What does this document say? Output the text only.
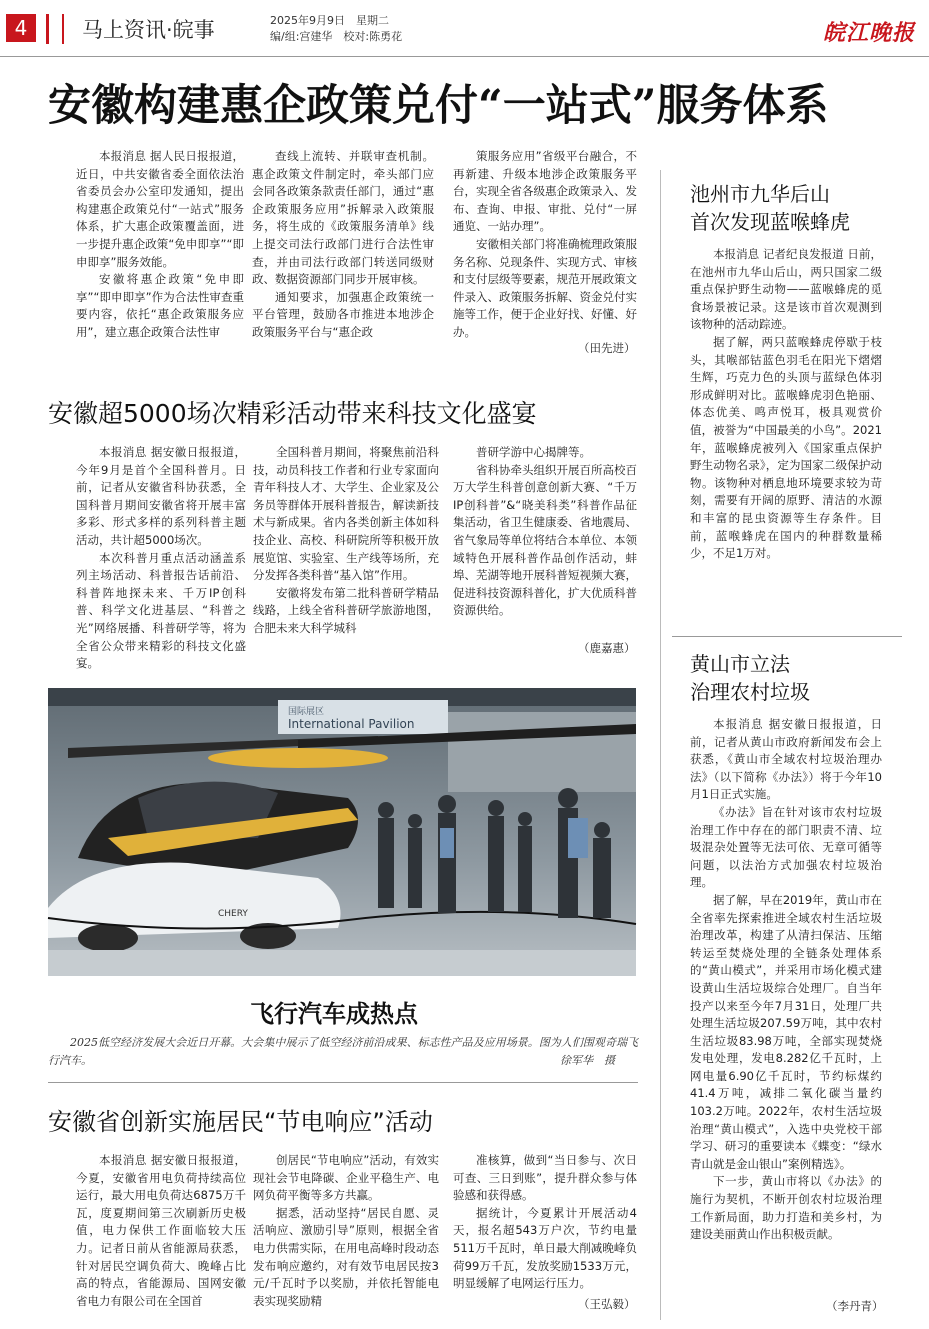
4	马上资讯·皖事	2025年9月9日　星期二
编/组:宫建华　校对:陈勇花	皖江晚报
安徽构建惠企政策兑付“一站式”服务体系

本报消息 据人民日报报道，近日，中共安徽省委全面依法治省委员会办公室印发通知，提出构建惠企政策兑付“一站式”服务体系，扩大惠企政策覆盖面，进一步提升惠企政策“免申即享”“即申即享”服务效能。

安徽将惠企政策“免申即享”“即申即享”作为合法性审查重要内容，依托“惠企政策服务应用”，建立惠企政策合法性审

查线上流转、并联审查机制。惠企政策文件制定时，牵头部门应会同各政策条款责任部门，通过“惠企政策服务应用”拆解录入政策服务，将生成的《政策服务清单》线上提交司法行政部门进行合法性审查，并由司法行政部门转送同级财政、数据资源部门同步开展审核。

通知要求，加强惠企政策统一平台管理，鼓励各市推进本地涉企政策服务平台与“惠企政

策服务应用”省级平台融合，不再新建、升级本地涉企政策服务平台，实现全省各级惠企政策录入、发布、查询、申报、审批、兑付“一屏通览、一站办理”。

安徽相关部门将准确梳理政策服务名称、兑现条件、实现方式、审核和支付层级等要素，规范开展政策文件录入、政策服务拆解、资金兑付实施等工作，便于企业好找、好懂、好办。

（田先进）
安徽超5000场次精彩活动带来科技文化盛宴

本报消息 据安徽日报报道，今年9月是首个全国科普月。日前，记者从安徽省科协获悉，全国科普月期间安徽省将开展丰富多彩、形式多样的系列科普主题活动，共计超5000场次。

本次科普月重点活动涵盖系列主场活动、科普报告话前沿、科普阵地探未来、千万IP创科普、科学文化进基层、“科普之光”网络展播、科普研学等，将为全省公众带来精彩的科技文化盛宴。

全国科普月期间，将聚焦前沿科技，动员科技工作者和行业专家面向青年科技人才、大学生、企业家及公务员等群体开展科普报告，解读新技术与新成果。省内各类创新主体如科技企业、高校、科研院所等积极开放展览馆、实验室、生产线等场所，充分发挥各类科普“基入馆”作用。

安徽将发布第二批科普研学精品线路，上线全省科普研学旅游地图，合肥未来大科学城科

普研学游中心揭牌等。

省科协牵头组织开展百所高校百万大学生科普创意创新大赛、“千万IP创科普”&“晓美科类”科普作品征集活动，省卫生健康委、省地震局、省气象局等单位将结合本单位、本领域特色开展科普作品创作活动，蚌埠、芜湖等地开展科普短视频大赛，促进科技资源科普化，扩大优质科普资源供给。

（鹿嘉惠）
国际展区
International Pavilion
CHERY
飞行汽车成热点
2025低空经济发展大会近日开幕。大会集中展示了低空经济前沿成果、标志性产品及应用场景。图为人们围观奇瑞飞行汽车。	徐军华　摄
安徽省创新实施居民“节电响应”活动

本报消息 据安徽日报报道，今夏，安徽省用电负荷持续高位运行，最大用电负荷达6875万千瓦，度夏期间第三次刷新历史极值，电力保供工作面临较大压力。记者日前从省能源局获悉，针对居民空调负荷大、晚峰占比高的特点，省能源局、国网安徽省电力有限公司在全国首

创居民“节电响应”活动，有效实现社会节电降碳、企业平稳生产、电网负荷平衡等多方共赢。

据悉，活动坚持“居民自愿、灵活响应、激励引导”原则，根据全省电力供需实际，在用电高峰时段动态发布响应邀约，对有效节电居民按3元/千瓦时予以奖励，并依托智能电表实现奖励精

准核算，做到“当日参与、次日可查、三日到账”，提升群众参与体验感和获得感。

据统计，今夏累计开展活动4天，报名超543万户次，节约电量511万千瓦时，单日最大削减晚峰负荷99万千瓦，发放奖励1533万元，明显缓解了电网运行压力。

（王弘毅）
池州市九华后山
首次发现蓝喉蜂虎

本报消息 记者纪良发报道 日前，在池州市九华山后山，两只国家二级重点保护野生动物——蓝喉蜂虎的觅食场景被记录。这是该市首次观测到该物种的活动踪迹。

据了解，两只蓝喉蜂虎停歇于枝头，其喉部钴蓝色羽毛在阳光下熠熠生辉，巧克力色的头顶与蓝绿色体羽形成鲜明对比。蓝喉蜂虎羽色艳丽、体态优美、鸣声悦耳，极具观赏价值，被誉为“中国最美的小鸟”。2021年，蓝喉蜂虎被列入《国家重点保护野生动物名录》，定为国家二级保护动物。该物种对栖息地环境要求较为苛刻，需要有开阔的原野、清洁的水源和丰富的昆虫资源等生存条件。目前，蓝喉蜂虎在国内的种群数量稀少，不足1万对。

黄山市立法
治理农村垃圾

本报消息 据安徽日报报道，日前，记者从黄山市政府新闻发布会上获悉，《黄山市全域农村垃圾治理办法》（以下简称《办法》）将于今年10月1日正式实施。

《办法》旨在针对该市农村垃圾治理工作中存在的部门职责不清、垃圾混杂处置等无法可依、无章可循等问题，以法治方式加强农村垃圾治理。

据了解，早在2019年，黄山市在全省率先探索推进全域农村生活垃圾治理改革，构建了从清扫保洁、压缩转运至焚烧处理的全链条处理体系的“黄山模式”，并采用市场化模式建设黄山生活垃圾综合处理厂。自当年投产以来至今年7月31日，处理厂共处理生活垃圾207.59万吨，其中农村生活垃圾83.98万吨，全部实现焚烧发电处理，发电8.282亿千瓦时，上网电量6.90亿千瓦时，节约标煤约41.4万吨，减排二氧化碳当量约103.2万吨。2022年，农村生活垃圾治理“黄山模式”，入选中央党校干部学习、研习的重要读本《蝶变：“绿水青山就是金山银山”案例精选》。

下一步，黄山市将以《办法》的施行为契机，不断开创农村垃圾治理工作新局面，助力打造和美乡村，为建设美丽黄山作出积极贡献。

（李丹青）
